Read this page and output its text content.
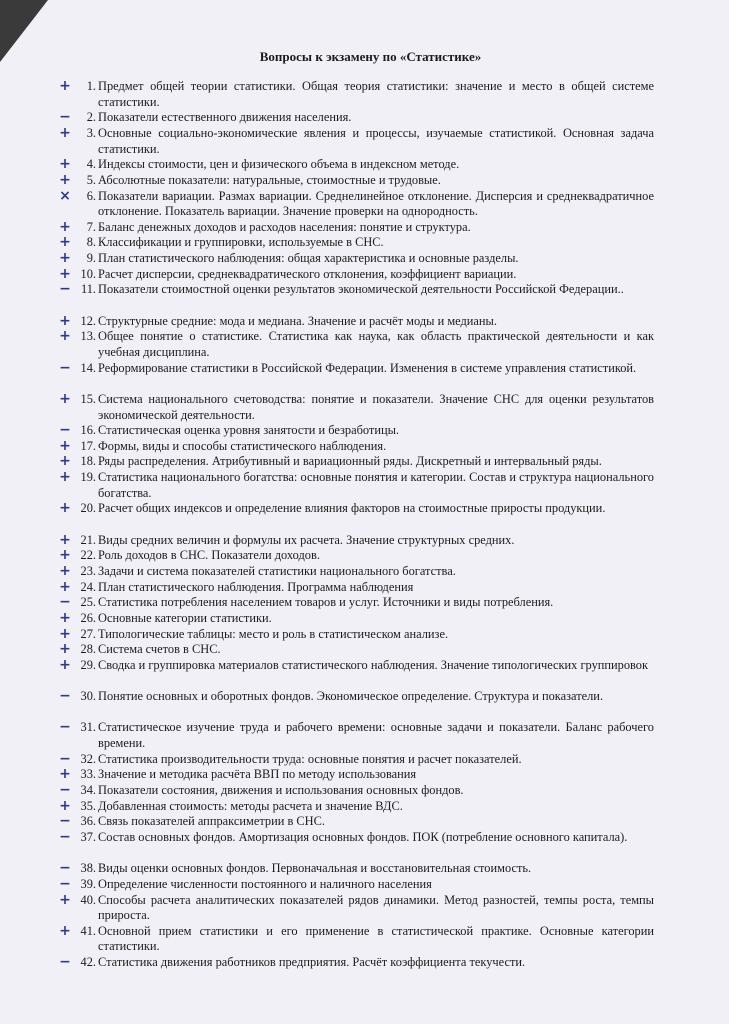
Вопросы к экзамену по «Статистике»
+	1. Предмет общей теории статистики. Общая теория статистики: значение и место в общей системе статистики.
−	2. Показатели естественного движения населения.
+	3. Основные социально-экономические явления и процессы, изучаемые статистикой. Основная задача статистики.
+	4. Индексы стоимости, цен и физического объема в индексном методе.
+	5. Абсолютные показатели: натуральные, стоимостные и трудовые.
×	6. Показатели вариации. Размах вариации. Среднелинейное отклонение. Дисперсия и среднеквадратичное отклонение. Показатель вариации. Значение проверки на однородность.
+	7. Баланс денежных доходов и расходов населения: понятие и структура.
+	8. Классификации и группировки, используемые в СНС.
+	9. План статистического наблюдения: общая характеристика и основные разделы.
+ 10. Расчет дисперсии, среднеквадратического отклонения, коэффициент вариации.
− 11. Показатели стоимостной оценки результатов экономической деятельности Российской Федерации..
+ 12. Структурные средние: мода и медиана. Значение и расчёт моды и медианы.
+ 13. Общее понятие о статистике. Статистика как наука, как область практической деятельности и как учебная дисциплина.
− 14. Реформирование статистики в Российской Федерации. Изменения в системе управления статистикой.
+ 15. Система национального счетоводства: понятие и показатели. Значение СНС для оценки результатов экономической деятельности.
− 16. Статистическая оценка уровня занятости и безработицы.
+ 17. Формы, виды и способы статистического наблюдения.
+ 18. Ряды распределения. Атрибутивный и вариационный ряды. Дискретный и интервальный ряды.
+ 19. Статистика национального богатства: основные понятия и категории. Состав и структура национального богатства.
+ 20. Расчет общих индексов и определение влияния факторов на стоимостные приросты продукции.
+ 21. Виды средних величин и формулы их расчета. Значение структурных средних.
+ 22. Роль доходов в СНС. Показатели доходов.
+ 23. Задачи и система показателей статистики национального богатства.
+ 24. План статистического наблюдения. Программа наблюдения
− 25. Статистика потребления населением товаров и услуг. Источники и виды потребления.
+ 26. Основные категории статистики.
+ 27. Типологические таблицы: место и роль в статистическом анализе.
+ 28. Система счетов в СНС.
+ 29. Сводка и группировка материалов статистического наблюдения. Значение типологических группировок
− 30. Понятие основных и оборотных фондов. Экономическое определение. Структура и показатели.
− 31. Статистическое изучение труда и рабочего времени: основные задачи и показатели. Баланс рабочего времени.
− 32. Статистика производительности труда: основные понятия и расчет показателей.
+ 33. Значение и методика расчёта ВВП по методу использования
− 34. Показатели состояния, движения и использования основных фондов.
+ 35. Добавленная стоимость: методы расчета и значение ВДС.
− 36. Связь показателей аппраксиметрии в СНС.
− 37. Состав основных фондов. Амортизация основных фондов. ПОК (потребление основного капитала).
− 38. Виды оценки основных фондов. Первоначальная и восстановительная стоимость.
− 39. Определение численности постоянного и наличного населения
+ 40. Способы расчета аналитических показателей рядов динамики. Метод разностей, темпы роста, темпы прироста.
+ 41. Основной прием статистики и его применение в статистической практике. Основные категории статистики.
− 42. Статистика движения работников предприятия. Расчёт коэффициента текучести.
